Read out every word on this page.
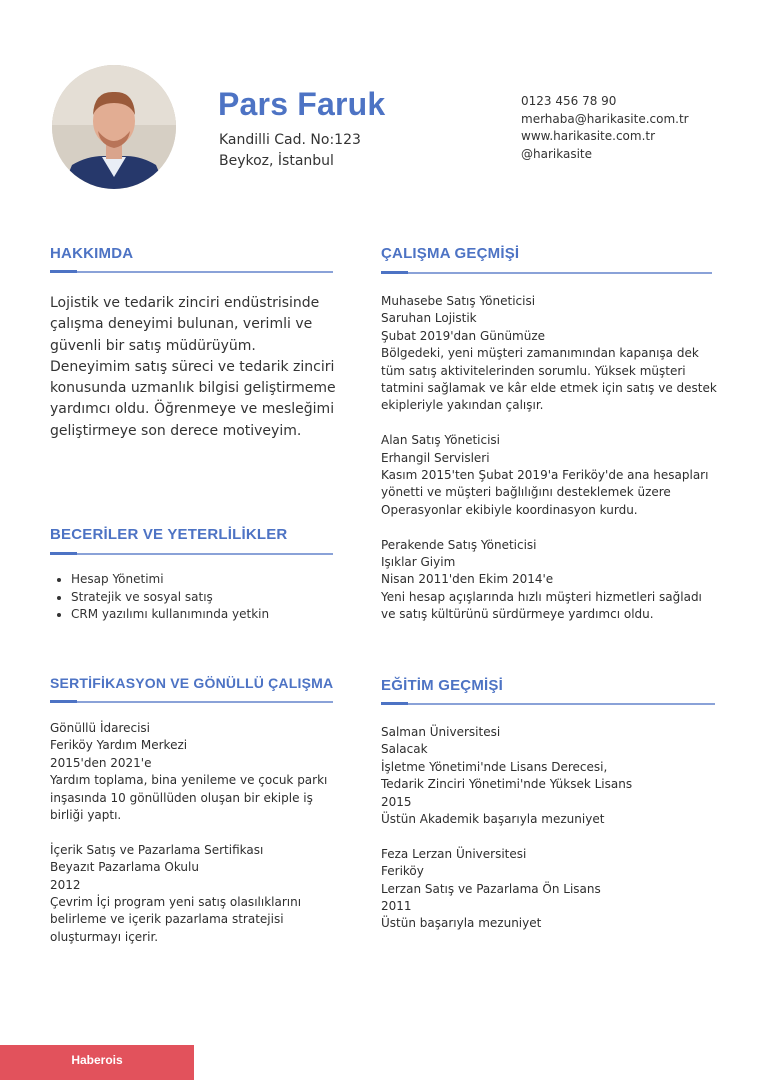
Pars Faruk
Kandilli Cad. No:123
Beykoz, İstanbul
0123 456 78 90
merhaba@harikasite.com.tr
www.harikasite.com.tr
@harikasite
HAKKIMDA
Lojistik ve tedarik zinciri endüstrisinde çalışma deneyimi bulunan, verimli ve güvenli bir satış müdürüyüm. Deneyimim satış süreci ve tedarik zinciri konusunda uzmanlık bilgisi geliştirmeme yardımcı oldu. Öğrenmeye ve mesleğimi geliştirmeye son derece motiveyim.
BECERİLER VE YETERLİLİKLER
Hesap Yönetimi
Stratejik ve sosyal satış
CRM yazılımı kullanımında yetkin
SERTİFİKASYON VE GÖNÜLLÜ ÇALIŞMA
Gönüllü İdarecisi
Feriköy Yardım Merkezi
2015'den 2021'e
Yardım toplama, bina yenileme ve çocuk parkı
inşasında 10 gönüllüden oluşan bir ekiple iş
birliği yaptı.
İçerik Satış ve Pazarlama Sertifikası
Beyazıt Pazarlama Okulu
2012
Çevrim İçi program yeni satış olasılıklarını
belirleme ve içerik pazarlama stratejisi
oluşturmayı içerir.
ÇALIŞMA GEÇMİŞİ
Muhasebe Satış Yöneticisi
Saruhan Lojistik
Şubat 2019'dan Günümüze
Bölgedeki, yeni müşteri zamanımından kapanışa dek
tüm satış aktivitelerinden sorumlu. Yüksek müşteri
tatmini sağlamak ve kâr elde etmek için satış ve destek
ekipleriyle yakından çalışır.
Alan Satış Yöneticisi
Erhangil Servisleri
Kasım 2015'ten Şubat 2019'a Feriköy'de ana hesapları
yönetti ve müşteri bağlılığını desteklemek üzere
Operasyonlar ekibiyle koordinasyon kurdu.
Perakende Satış Yöneticisi
Işıklar Giyim
Nisan 2011'den Ekim 2014'e
Yeni hesap açışlarında hızlı müşteri hizmetleri sağladı
ve satış kültürünü sürdürmeye yardımcı oldu.
EĞİTİM GEÇMİŞİ
Salman Üniversitesi
Salacak
İşletme Yönetimi'nde Lisans Derecesi,
Tedarik Zinciri Yönetimi'nde Yüksek Lisans
2015
Üstün Akademik başarıyla mezuniyet
Feza Lerzan Üniversitesi
Feriköy
Lerzan Satış ve Pazarlama Ön Lisans
2011
Üstün başarıyla mezuniyet
Haberois
